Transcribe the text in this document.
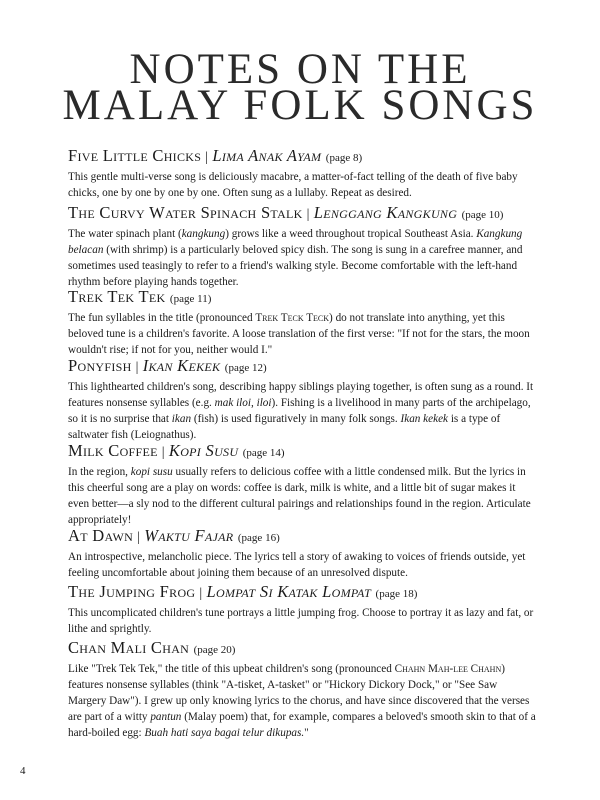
NOTES ON THE
MALAY FOLK SONGS
Five Little Chicks | Lima Anak Ayam (page 8)

This gentle multi-verse song is deliciously macabre, a matter-of-fact telling of the death of five baby chicks, one by one by one by one. Often sung as a lullaby. Repeat as desired.

The Curvy Water Spinach Stalk | Lenggang Kangkung (page 10)

The water spinach plant (kangkung) grows like a weed throughout tropical Southeast Asia. Kangkung belacan (with shrimp) is a particularly beloved spicy dish. The song is sung in a carefree manner, and sometimes used teasingly to refer to a friend's walking style. Become comfortable with the left-hand rhythm before playing hands together.

Trek Tek Tek (page 11)

The fun syllables in the title (pronounced Trek Teck Teck) do not translate into anything, yet this beloved tune is a children's favorite. A loose translation of the first verse: "If not for the stars, the moon wouldn't rise; if not for you, neither would I."

Ponyfish | Ikan Kekek (page 12)

This lighthearted children's song, describing happy siblings playing together, is often sung as a round. It features nonsense syllables (e.g. mak iloi, iloi). Fishing is a livelihood in many parts of the archipelago, so it is no surprise that ikan (fish) is used figuratively in many folk songs. Ikan kekek is a type of saltwater fish (Leiognathus).

Milk Coffee | Kopi Susu (page 14)

In the region, kopi susu usually refers to delicious coffee with a little condensed milk. But the lyrics in this cheerful song are a play on words: coffee is dark, milk is white, and a little bit of sugar makes it even better—a sly nod to the different cultural pairings and relationships found in the region. Articulate appropriately!

At Dawn | Waktu Fajar (page 16)

An introspective, melancholic piece. The lyrics tell a story of awaking to voices of friends outside, yet feeling uncomfortable about joining them because of an unresolved dispute.

The Jumping Frog | Lompat Si Katak Lompat (page 18)

This uncomplicated children's tune portrays a little jumping frog. Choose to portray it as lazy and fat, or lithe and sprightly.

Chan Mali Chan (page 20)

Like "Trek Tek Tek," the title of this upbeat children's song (pronounced Chahn Mah-lee Chahn) features nonsense syllables (think "A-tisket, A-tasket" or "Hickory Dickory Dock," or "See Saw Margery Daw"). I grew up only knowing lyrics to the chorus, and have since discovered that the verses are part of a witty pantun (Malay poem) that, for example, compares a beloved's smooth skin to that of a hard-boiled egg: Buah hati saya bagai telur dikupas."

4
